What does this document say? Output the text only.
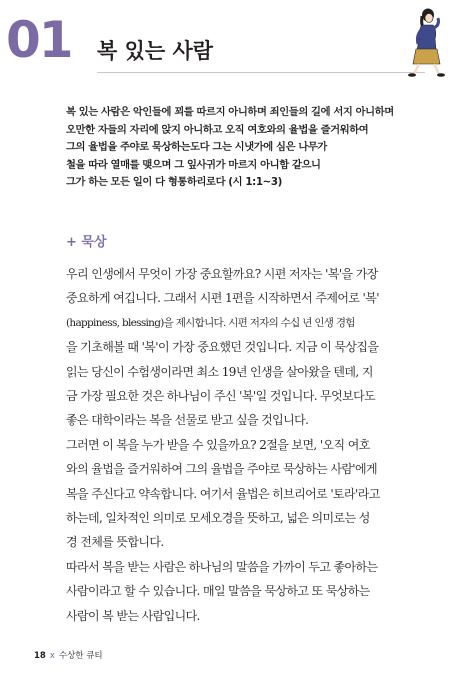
01 복 있는 사람
복 있는 사람은 악인들에 꾀를 따르지 아니하며 죄인들의 길에 서지 아니하며
오만한 자들의 자리에 앉지 아니하고 오직 여호와의 율법을 즐거워하여
그의 율법을 주야로 묵상하는도다 그는 시냇가에 심은 나무가
철을 따라 열매를 맺으며 그 잎사귀가 마르지 아니함 같으니
그가 하는 모든 일이 다 형통하리로다 (시 1:1~3)
+ 묵상
우리 인생에서 무엇이 가장 중요할까요? 시편 저자는 '복'을 가장
중요하게 여깁니다. 그래서 시편 1편을 시작하면서 주제어로 '복'
(happiness, blessing)을 제시합니다. 시편 저자의 수십 년 인생 경험
을 기초해볼 때 '복'이 가장 중요했던 것입니다. 지금 이 묵상집을
읽는 당신이 수험생이라면 최소 19년 인생을 살아왔을 텐데, 지
금 가장 필요한 것은 하나님이 주신 '복'일 것입니다. 무엇보다도
좋은 대학이라는 복을 선물로 받고 싶을 것입니다.
그러면 이 복을 누가 받을 수 있을까요? 2절을 보면, '오직 여호
와의 율법을 즐거워하여 그의 율법을 주야로 묵상하는 사람'에게
복을 주신다고 약속합니다. 여기서 율법은 히브리어로 '토라'라고
하는데, 일차적인 의미로 모세오경을 뜻하고, 넓은 의미로는 성
경 전체를 뜻합니다.
따라서 복을 받는 사람은 하나님의 말씀을 가까이 두고 좋아하는
사람이라고 할 수 있습니다. 매일 말씀을 묵상하고 또 묵상하는
사람이 복 받는 사람입니다.
18 x 수상한 큐티
